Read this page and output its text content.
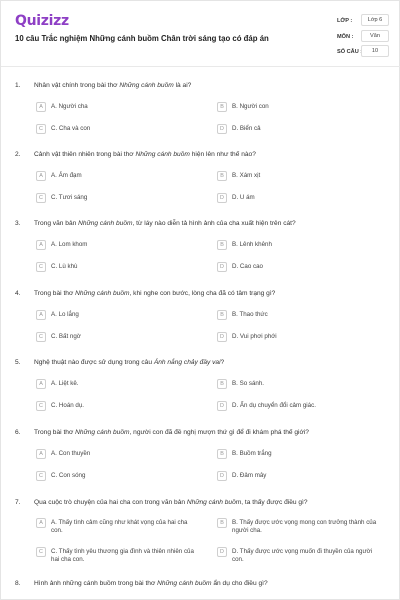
Quizizz
10 câu Trắc nghiệm Những cánh buồm Chân trời sáng tạo có đáp án
LỚP :	Lớp 6
MÔN :	Văn
SỐ CÂU :	10
1. Nhân vật chính trong bài thơ Những cánh buồm là ai?
A	A. Người cha	B	B. Người con
C	C. Cha và con	D	D. Biển cả
2. Cảnh vật thiên nhiên trong bài thơ Những cánh buồm hiện lên như thế nào?
A	A. Ảm đạm	B	B. Xám xịt
C	C. Tươi sáng	D	D. U ám
3. Trong văn bản Những cánh buồm, từ láy nào diễn tả hình ảnh của cha xuất hiện trên cát?
A	A. Lom khom	B	B. Lênh khênh
C	C. Lù khù	D	D. Cao cao
4. Trong bài thơ Những cánh buồm, khi nghe con bước, lòng cha đã có tâm trạng gì?
A	A. Lo lắng	B	B. Thao thức
C	C. Bất ngờ	D	D. Vui phơi phới
5. Nghệ thuật nào được sử dụng trong câu Ánh nắng chảy đầy vai?
A	A. Liệt kê.	B	B. So sánh.
C	C. Hoán dụ.	D	D. Ẩn dụ chuyển đổi cảm giác.
6. Trong bài thơ Những cánh buồm, người con đã đề nghị mượn thứ gì để đi khám phá thế giới?
A	A. Con thuyền	B	B. Buồm trắng
C	C. Con sóng	D	D. Đảm mây
7. Qua cuộc trò chuyện của hai cha con trong văn bản Những cánh buồm, ta thấy được điều gì?
A	A. Thấy tình cảm cũng như khát vọng của hai cha con.
B	B. Thấy được ước vọng mong con trưởng thành của người cha.
C	C. Thấy tình yêu thương gia đình và thiên nhiên của hai cha con.
D	D. Thấy được ước vọng muốn đi thuyền của người con.
8. Hình ảnh những cánh buồm trong bài thơ Những cánh buồm ẩn dụ cho điều gì?
